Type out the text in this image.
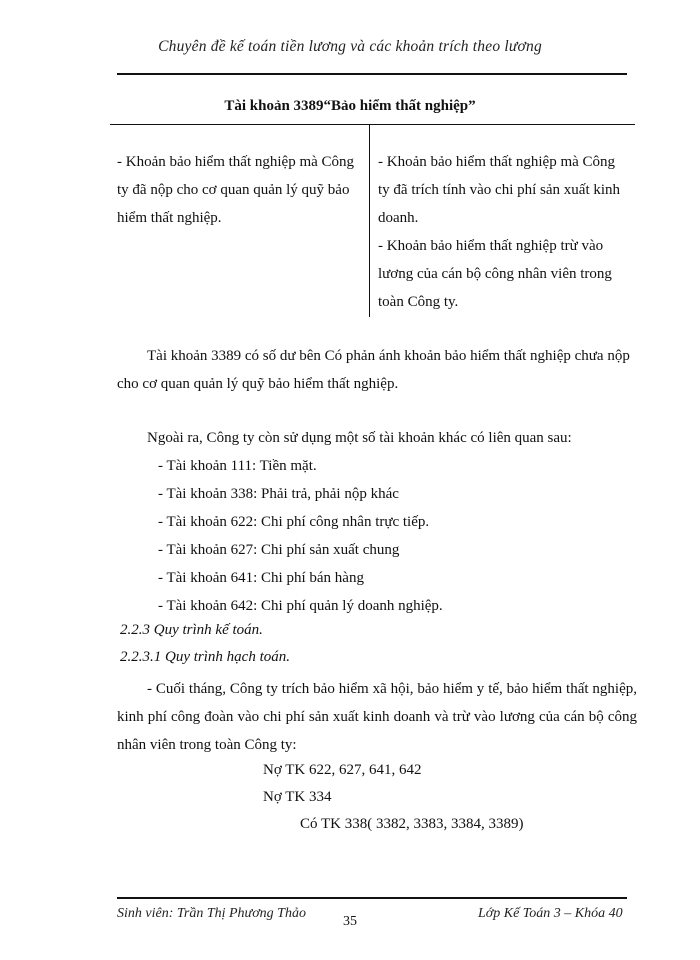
Chuyên đề kế toán tiền lương và các khoản trích theo lương
Tài khoản 3389“Bảo hiểm thất nghiệp”

- Khoản bảo hiểm thất nghiệp mà Công ty đã nộp cho cơ quan quản lý quỹ bảo hiểm thất nghiệp.

- Khoản bảo hiểm thất nghiệp mà Công ty đã trích tính vào chi phí sản xuất kinh doanh.

- Khoản bảo hiểm thất nghiệp trừ vào lương của cán bộ công nhân viên trong toàn Công ty.

Tài khoản 3389 có số dư bên Có phản ánh khoản bảo hiểm thất nghiệp chưa nộp cho cơ quan quản lý quỹ bảo hiểm thất nghiệp.

Ngoài ra, Công ty còn sử dụng một số tài khoản khác có liên quan sau:

- Tài khoản 111: Tiền mặt.
- Tài khoản 338: Phải trả, phải nộp khác
- Tài khoản 622: Chi phí công nhân trực tiếp.
- Tài khoản 627: Chi phí sản xuất chung
- Tài khoản 641: Chi phí bán hàng
- Tài khoản 642: Chi phí quản lý doanh nghiệp.
2.2.3 Quy trình kế toán.
2.2.3.1 Quy trình hạch toán.

- Cuối tháng, Công ty trích bảo hiểm xã hội, bảo hiểm y tế, bảo hiểm thất nghiệp, kinh phí công đoàn vào chi phí sản xuất kinh doanh và trừ vào lương của cán bộ công nhân viên trong toàn Công ty:

Nợ TK 622, 627, 641, 642
Nợ TK 334
Có TK 338( 3382, 3383, 3384, 3389)
Sinh viên: Trần Thị Phương Thảo
35
Lớp Kế Toán 3 – Khóa 40
